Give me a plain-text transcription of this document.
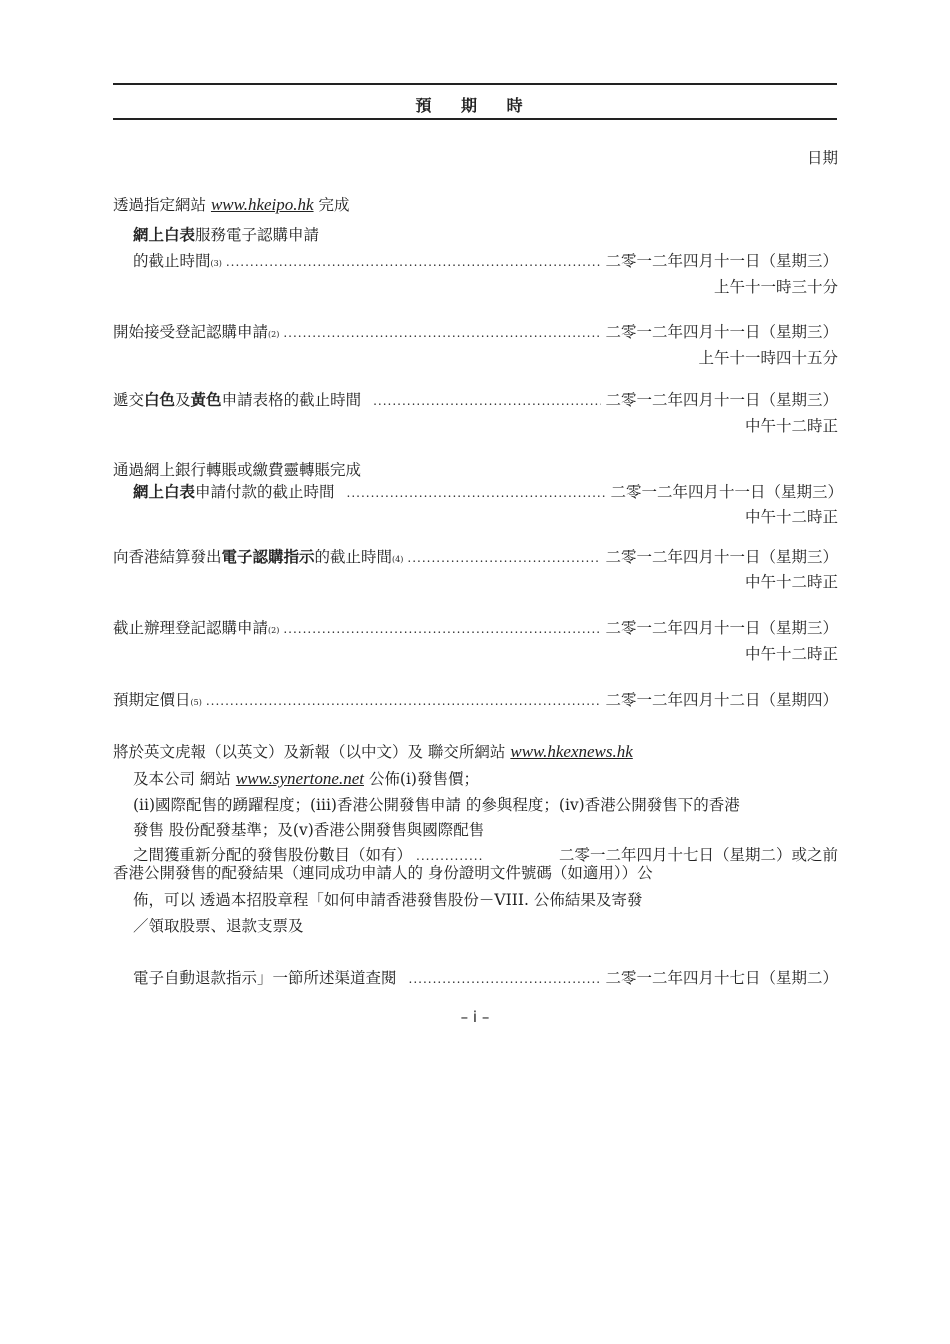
預 期 時
日期
透過指定網站 www.hkeipo.hk 完成
網上白表服務電子認購申請
的截止時間 (3) .....	二零一二年四月十一日（星期三）
上午十一時三十分
開始接受登記認購申請 (2) .....	二零一二年四月十一日（星期三）
上午十一時四十五分
遞交白色及黃色申請表格的截止時間 .....	二零一二年四月十一日（星期三）
中午十二時正
通過網上銀行轉賬或繳費靈轉賬完成
網上白表申請付款的截止時間 .....	二零一二年四月十一日（星期三）
中午十二時正
向香港結算發出電子認購指示的截止時間 (4) .....	二零一二年四月十一日（星期三）
中午十二時正
截止辦理登記認購申請 (2) .....	二零一二年四月十一日（星期三）
中午十二時正
預期定價日 (5) .....	二零一二年四月十二日（星期四）
將於英文虎報（以英文）及新報（以中文）及 聯交所網站 www.hkexnews.hk
及本公司 網站 www.synertone.net 公佈(i)發售價；
(ii)國際配售的踴躍程度；(iii)香港公開發售申請 的參與程度；(iv)香港公開發售下的香港
發售 股份配發基準；及(v)香港公開發售與國際配售
之間獲重新分配的發售股份數目（如有） .....	二零一二年四月十七日（星期二）或之前
香港公開發售的配發結果（連同成功申請人的 身份證明文件號碼（如適用））公
佈，可以 透過本招股章程「如何申請香港發售股份－VIII. 公佈結果及寄發
／領取股票、退款支票及
電子自動退款指示」一節所述渠道查閱 .....	二零一二年四月十七日（星期二）
– i –
